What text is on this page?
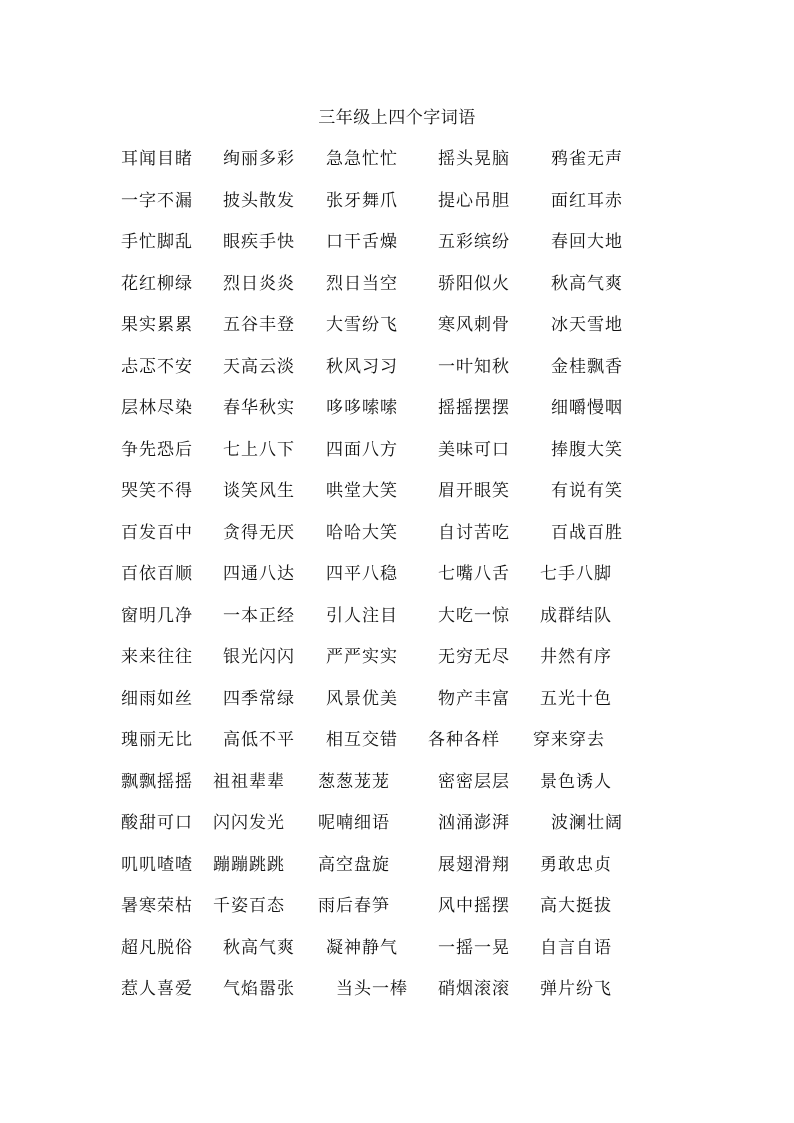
三年级上四个字词语
耳闻目睹 绚丽多彩 急急忙忙 摇头晃脑 鸦雀无声
一字不漏 披头散发 张牙舞爪 提心吊胆 面红耳赤
手忙脚乱 眼疾手快 口干舌燥 五彩缤纷 春回大地
花红柳绿 烈日炎炎 烈日当空 骄阳似火 秋高气爽
果实累累 五谷丰登 大雪纷飞 寒风刺骨 冰天雪地
忐忑不安 天高云淡 秋风习习 一叶知秋 金桂飘香
层林尽染 春华秋实 哆哆嗦嗦 摇摇摆摆 细嚼慢咽
争先恐后 七上八下 四面八方 美味可口 捧腹大笑
哭笑不得 谈笑风生 哄堂大笑 眉开眼笑 有说有笑
百发百中 贪得无厌 哈哈大笑 自讨苦吃 百战百胜
百依百顺 四通八达 四平八稳 七嘴八舌 七手八脚
窗明几净 一本正经 引人注目 大吃一惊 成群结队
来来往往 银光闪闪 严严实实 无穷无尽 井然有序
细雨如丝 四季常绿 风景优美 物产丰富 五光十色
瑰丽无比 高低不平 相互交错 各种各样 穿来穿去
飘飘摇摇 祖祖辈辈 葱葱茏茏	密密层层 景色诱人
酸甜可口 闪闪发光 呢喃细语	汹涌澎湃 波澜壮阔
叽叽喳喳 蹦蹦跳跳 高空盘旋	展翅滑翔 勇敢忠贞
暑寒荣枯 千姿百态 雨后春笋	风中摇摆 高大挺拔
超凡脱俗 秋高气爽 凝神静气 一摇一晃 自言自语
惹人喜爱 气焰嚣张 当头一棒 硝烟滚滚 弹片纷飞
